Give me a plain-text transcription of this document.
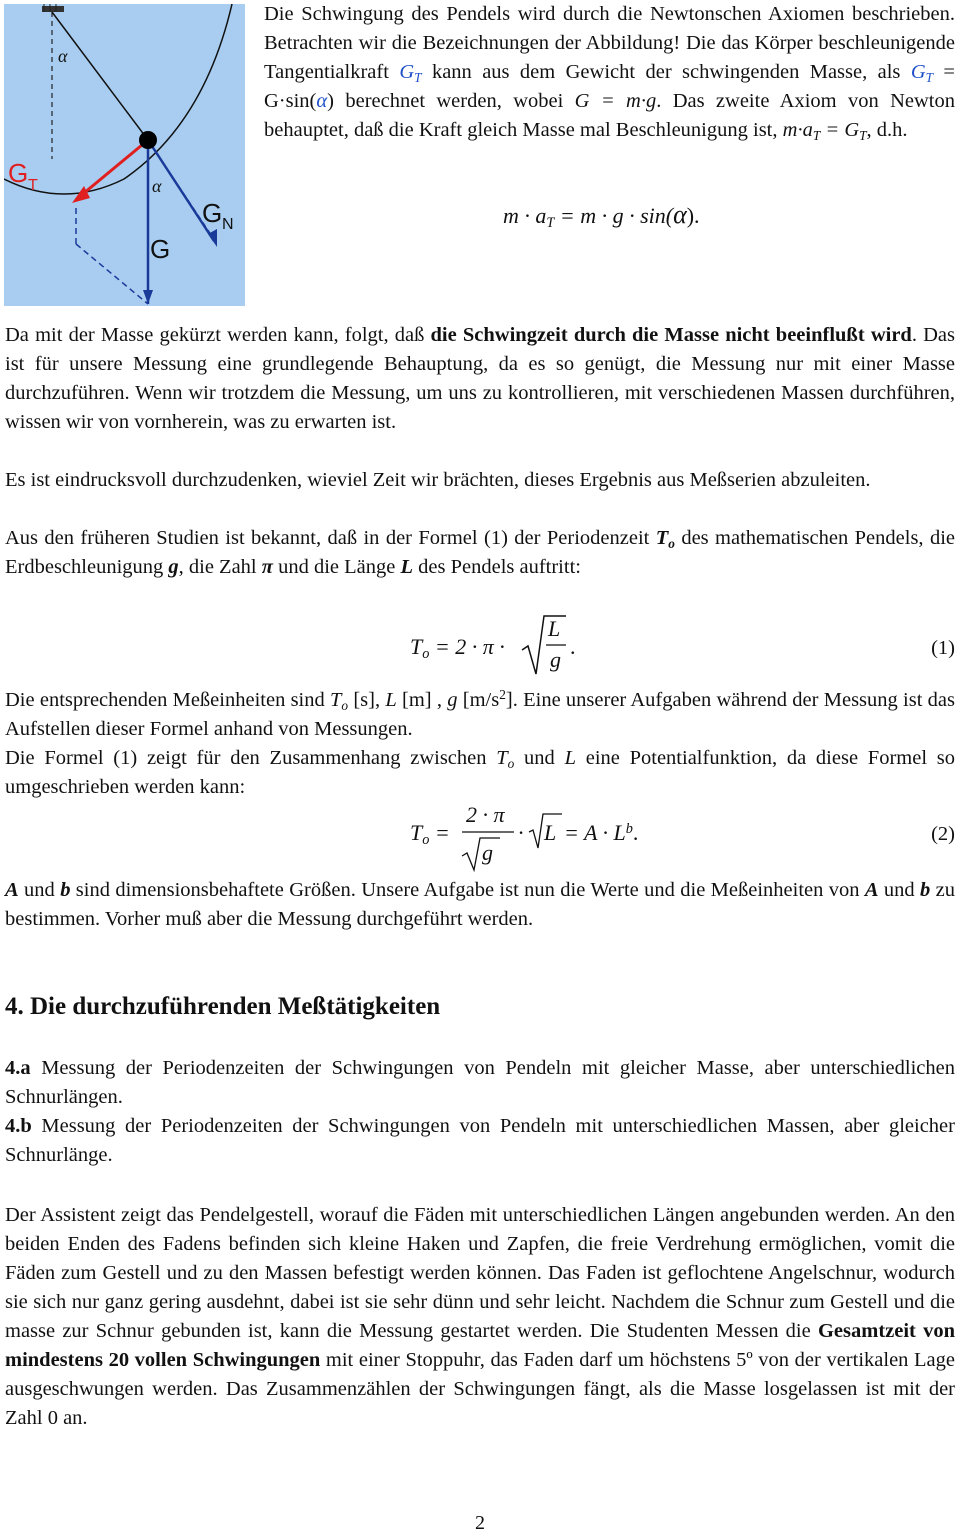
α
α
G T
G N
G
Die Schwingung des Pendels wird durch die Newtonschen Axiomen beschrieben. Betrachten wir die Bezeichnungen der Abbildung! Die das Körper beschleunigende Tangentialkraft $G_T$ kann aus dem Gewicht der schwingenden Masse, als $G_T = G\cdot\sin(\alpha)$ berechnet werden, wobei G = m·g. Das zweite Axiom von Newton behauptet, daß die Kraft gleich Masse mal Beschleunigung ist, $m\cdot a_T = G_T$, d.h.
$m \cdot a_T = m \cdot g \cdot \sin(\alpha)$.
Da mit der Masse gekürzt werden kann, folgt, daß die Schwingzeit durch die Masse nicht beeinflußt wird. Das ist für unsere Messung eine grundlegende Behauptung, da es so genügt, die Messung nur mit einer Masse durchzuführen. Wenn wir trotzdem die Messung, um uns zu kontrollieren, mit verschiedenen Massen durchführen, wissen wir von vornherein, was zu erwarten ist.
Es ist eindrucksvoll durchzudenken, wieviel Zeit wir brächten, dieses Ergebnis aus Meßserien abzuleiten.
Aus den früheren Studien ist bekannt, daß in der Formel (1) der Periodenzeit $T_o$ des mathematischen Pendels, die Erdbeschleunigung g, die Zahl π und die Länge L des Pendels auftritt:
$T_o = 2 \cdot \pi$ ·
L
g
.	(1)
Die entsprechenden Meßeinheiten sind $T_o$ [s], L [m] , g $[m/s^2]$. Eine unserer Aufgaben während der Messung ist das Aufstellen dieser Formel anhand von Messungen.
Die Formel (1) zeigt für den Zusammenhang zwischen $T_o$ und L eine Potentialfunktion, da diese Formel so umgeschrieben werden kann:
$T_o$ =
2 · π
g
· $L = A \cdot L^b$.	(2)
A und b sind dimensionsbehaftete Größen. Unsere Aufgabe ist nun die Werte und die Meßeinheiten von A und b zu bestimmen. Vorher muß aber die Messung durchgeführt werden.
4. Die durchzuführenden Meßtätigkeiten
4.a Messung der Periodenzeiten der Schwingungen von Pendeln mit gleicher Masse, aber unterschiedlichen Schnurlängen.
4.b Messung der Periodenzeiten der Schwingungen von Pendeln mit unterschiedlichen Massen, aber gleicher Schnurlänge.
Der Assistent zeigt das Pendelgestell, worauf die Fäden mit unterschiedlichen Längen angebunden werden. An den beiden Enden des Fadens befinden sich kleine Haken und Zapfen, die freie Verdrehung ermöglichen, vomit die Fäden zum Gestell und zu den Massen befestigt werden können. Das Faden ist geflochtene Angelschnur, wodurch sie sich nur ganz gering ausdehnt, dabei ist sie sehr dünn und sehr leicht. Nachdem die Schnur zum Gestell und die masse zur Schnur gebunden ist, kann die Messung gestartet werden. Die Studenten Messen die Gesamtzeit von mindestens 20 vollen Schwingungen mit einer Stoppuhr, das Faden darf um höchstens 5º von der vertikalen Lage ausgeschwungen werden. Das Zusammenzählen der Schwingungen fängt, als die Masse losgelassen ist mit der Zahl 0 an.
2
